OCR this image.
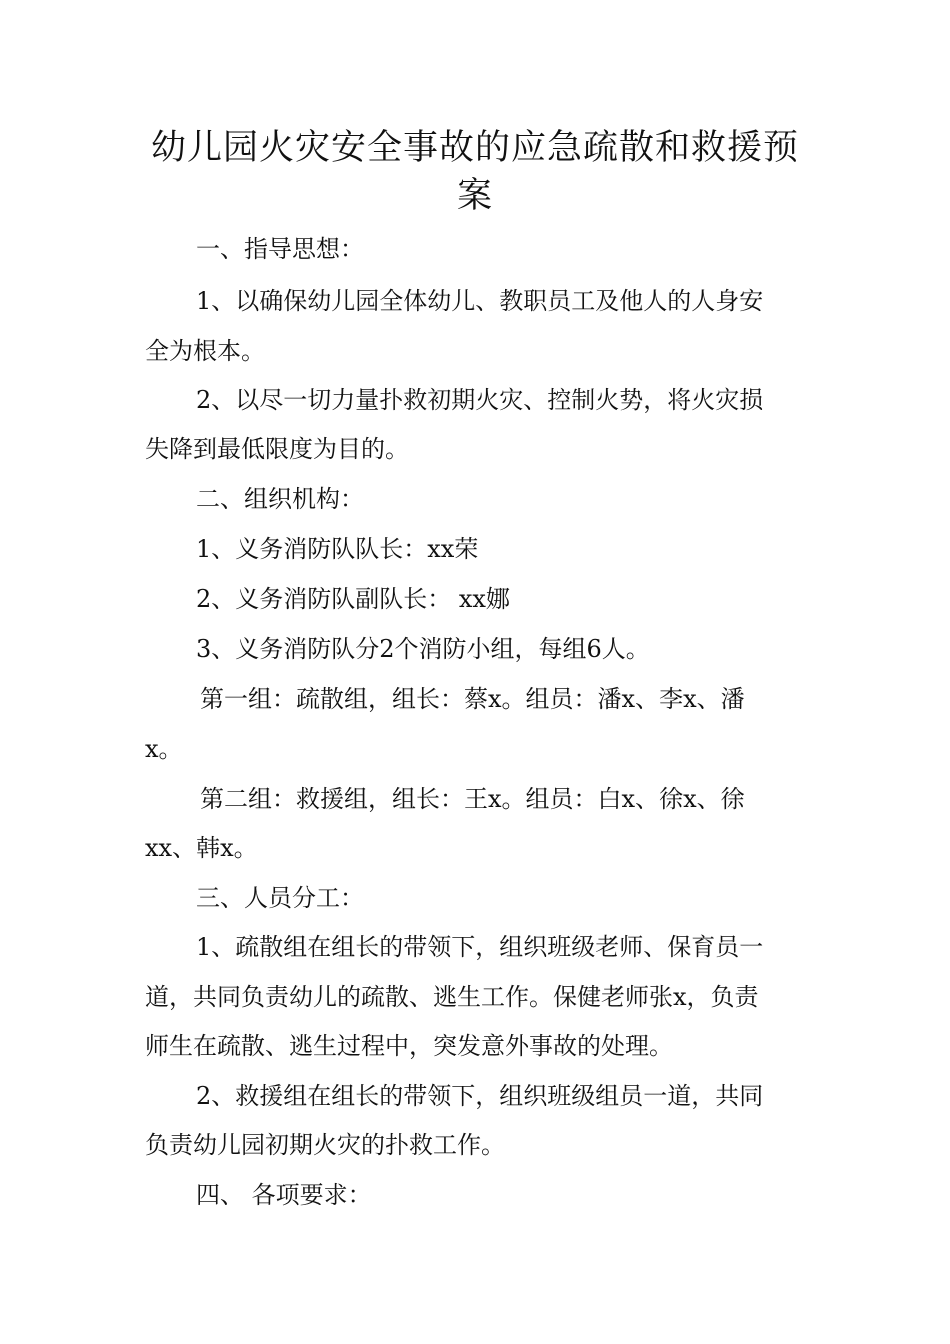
幼儿园火灾安全事故的应急疏散和救援预
案
一、指导思想：
1、以确保幼儿园全体幼儿、教职员工及他人的人身安
全为根本。
2、以尽一切力量扑救初期火灾、控制火势，将火灾损
失降到最低限度为目的。
二、组织机构：
1、义务消防队队长：xx荣
2、义务消防队副队长： xx娜
3、义务消防队分2个消防小组，每组6人。
第一组：疏散组，组长：蔡x。组员：潘x、李x、潘
x。
第二组：救援组，组长：王x。组员：白x、徐x、徐
xx、韩x。
三、人员分工：
1、疏散组在组长的带领下，组织班级老师、保育员一
道，共同负责幼儿的疏散、逃生工作。保健老师张x，负责
师生在疏散、逃生过程中，突发意外事故的处理。
2、救援组在组长的带领下，组织班级组员一道，共同
负责幼儿园初期火灾的扑救工作。
四、 各项要求：
